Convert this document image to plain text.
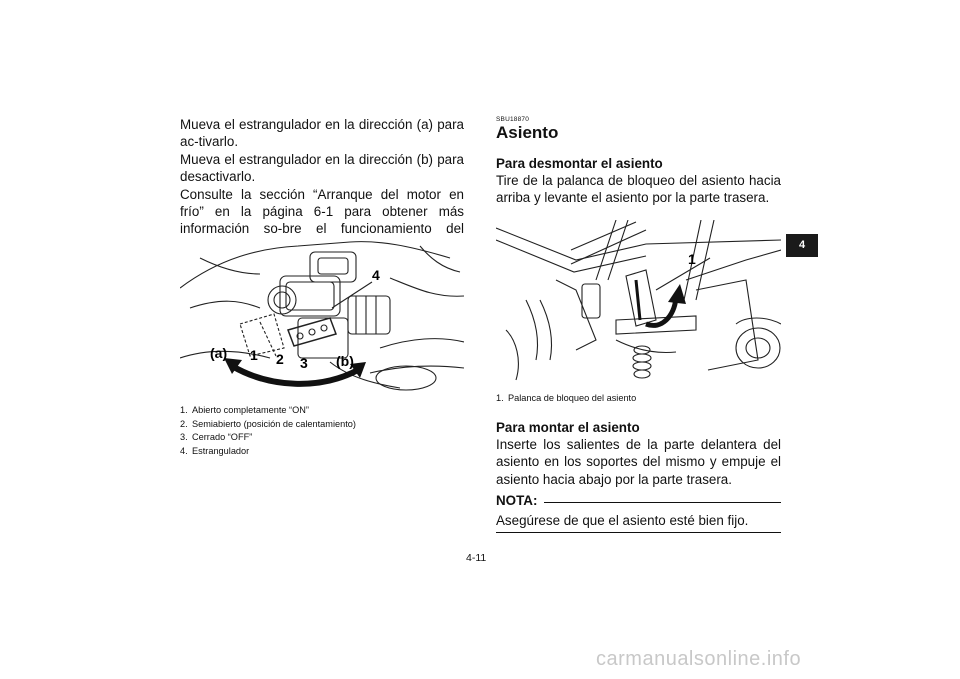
Mueva el estrangulador en la dirección (a) para ac-tivarlo.

Mueva el estrangulador en la dirección (b) para desactivarlo.

Consulte la sección “Arranque del motor en frío” en la página 6-1 para obtener más información so-bre el funcionamiento del

(a) 1 2 3 (b)
4

1. Abierto completamente “ON”

2. Semiabierto (posición de calentamiento)

3. Cerrado “OFF”

4. Estrangulador

SBU18870

Asiento

Para desmontar el asiento

Tire de la palanca de bloqueo del asiento hacia arriba y levante el asiento por la parte trasera.

1

1. Palanca de bloqueo del asiento

Para montar el asiento

Inserte los salientes de la parte delantera del asiento en los soportes del mismo y empuje el asiento hacia abajo por la parte trasera.

NOTA:

Asegúrese de que el asiento esté bien fijo.

4
4-11
carmanualsonline.info
